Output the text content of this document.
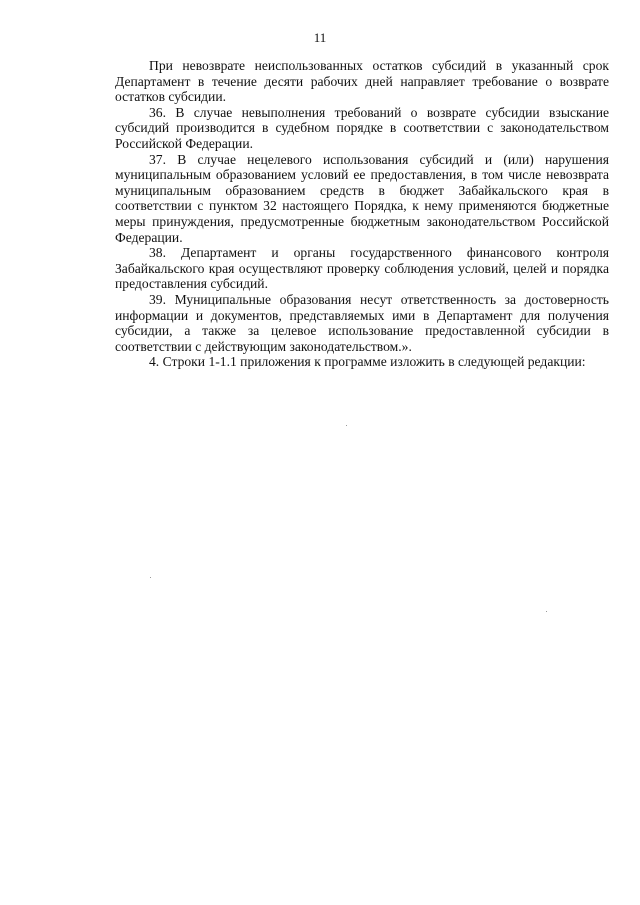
11

При невозврате неиспользованных остатков субсидий в указанный срок Департамент в течение десяти рабочих дней направляет требование о возврате остатков субсидии.

36. В случае невыполнения требований о возврате субсидии взыскание субсидий производится в судебном порядке в соответствии с законодательством Российской Федерации.

37. В случае нецелевого использования субсидий и (или) нарушения муниципальным образованием условий ее предоставления, в том числе невозврата муниципальным образованием средств в бюджет Забайкальского края в соответствии с пунктом 32 настоящего Порядка, к нему применяются бюджетные меры принуждения, предусмотренные бюджетным законодательством Российской Федерации.

38. Департамент и органы государственного финансового контроля Забайкальского края осуществляют проверку соблюдения условий, целей и порядка предоставления субсидий.

39. Муниципальные образования несут ответственность за достоверность информации и документов, представляемых ими в Департамент для получения субсидии, а также за целевое использование предоставленной субсидии в соответствии с действующим законодательством.».

4. Строки 1-1.1 приложения к программе изложить в следующей редакции:
